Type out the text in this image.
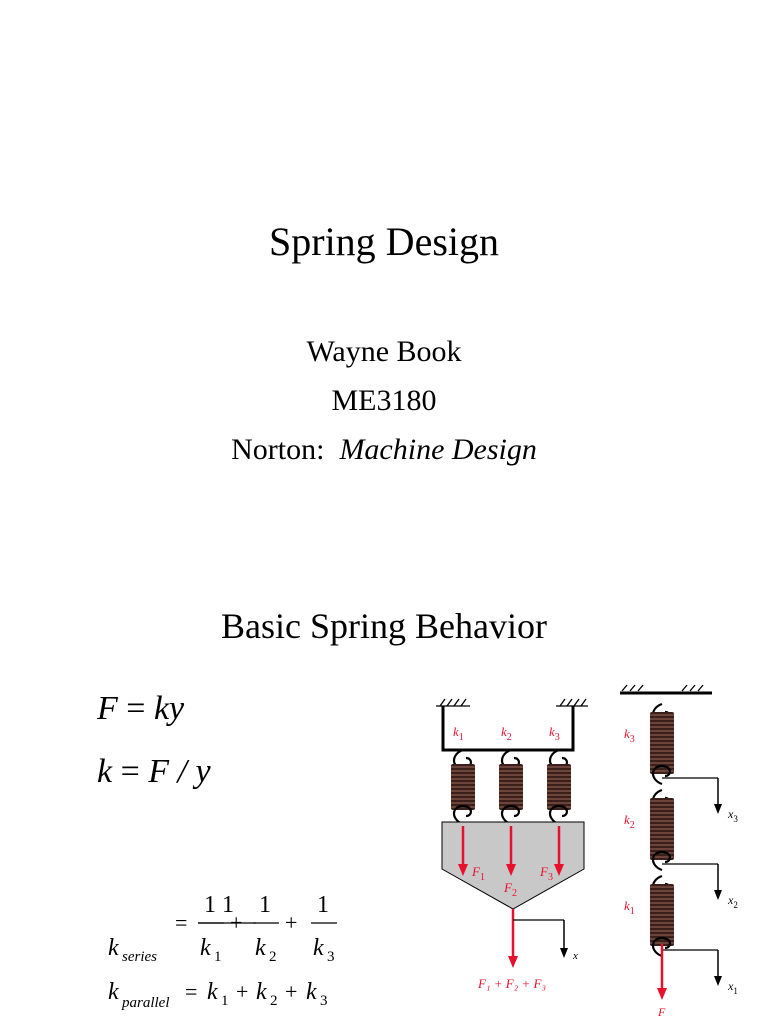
Spring Design
Wayne Book
ME3180
Norton: Machine Design
Basic Spring Behavior
F = ky
k = F / y
1
k series
=
1
k 1
+
1
k 2
+
1
k 3
k parallel = k 1 + k 2 + k 3
$k_1$	$k_2$	$k_3$
$F_1$
$F_2$
$F_3$
F₁ + F₂ + F₃
x
$k_3$
$k_2$
$k_1$
$x_3$
$x_2$
$x_1$
F
